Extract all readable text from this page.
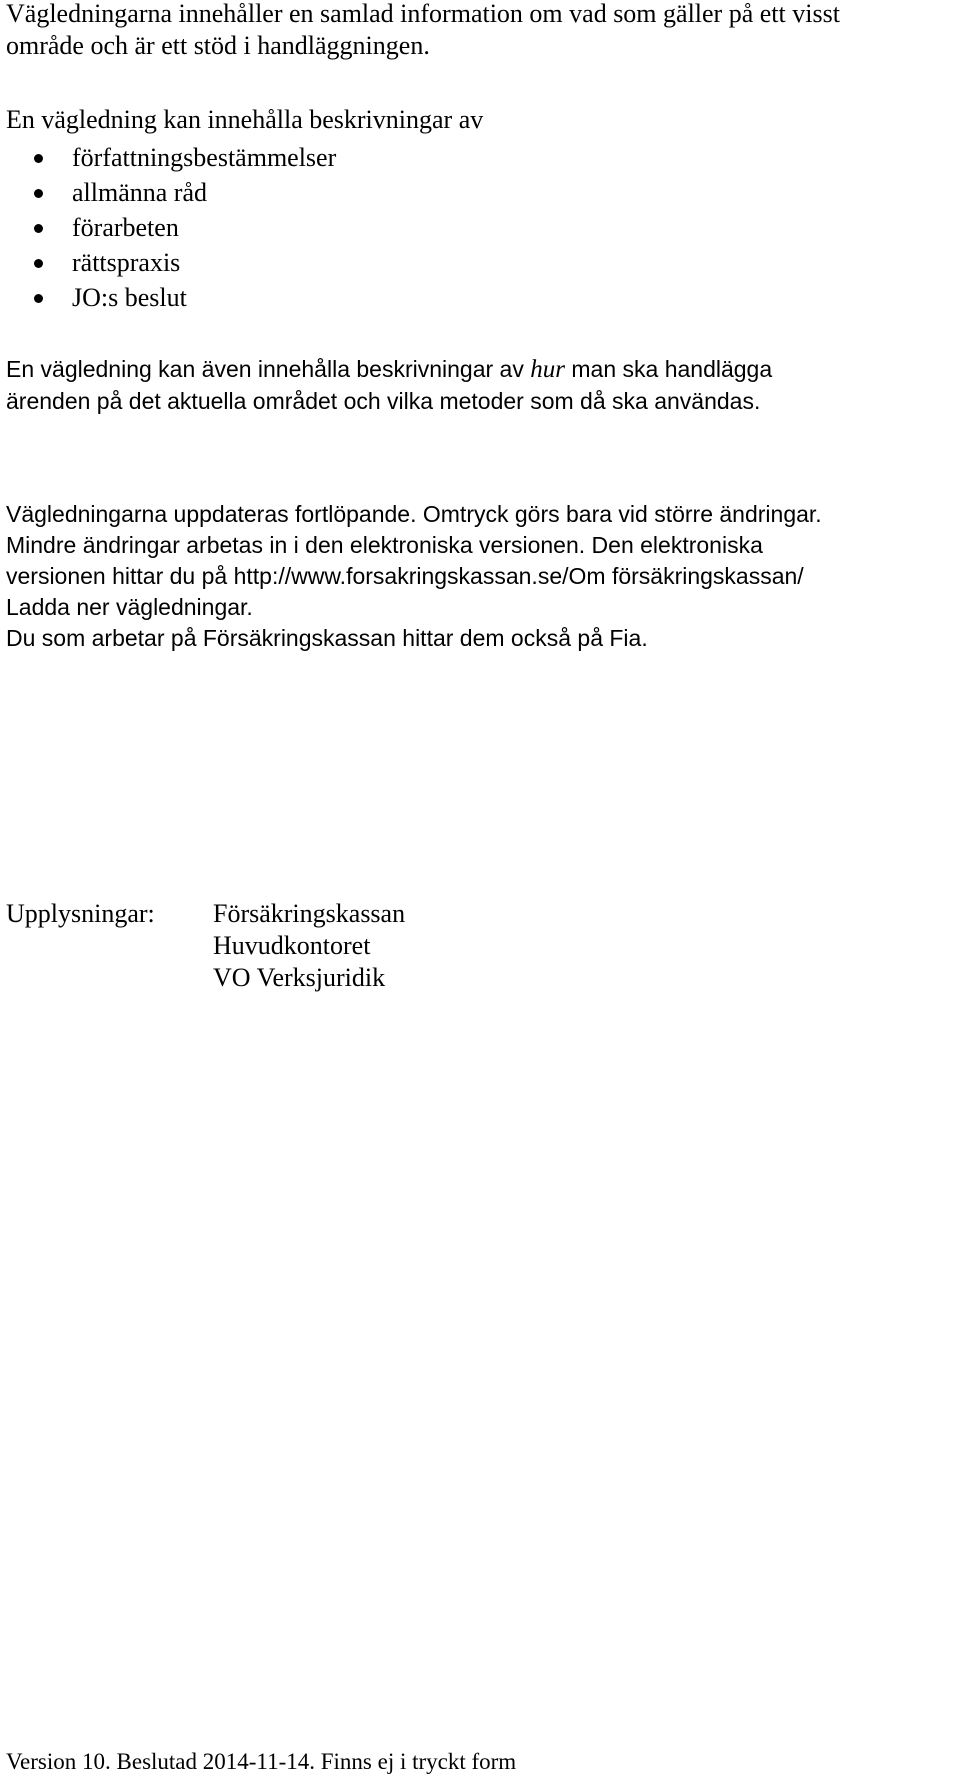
Vägledningarna innehåller en samlad information om vad som gäller på ett visst
område och är ett stöd i handläggningen.

En vägledning kan innehålla beskrivningar av

författningsbestämmelser
allmänna råd
förarbeten
rättspraxis
JO:s beslut

En vägledning kan även innehålla beskrivningar av hur man ska handlägga
ärenden på det aktuella området och vilka metoder som då ska användas.

Vägledningarna uppdateras fortlöpande. Omtryck görs bara vid större ändringar.
Mindre ändringar arbetas in i den elektroniska versionen. Den elektroniska
versionen hittar du på http://www.forsakringskassan.se/Om försäkringskassan/
Ladda ner vägledningar.
Du som arbetar på Försäkringskassan hittar dem också på Fia.

Upplysningar: Försäkringskassan
Huvudkontoret
VO Verksjuridik
Version 10. Beslutad 2014-11-14. Finns ej i tryckt form
